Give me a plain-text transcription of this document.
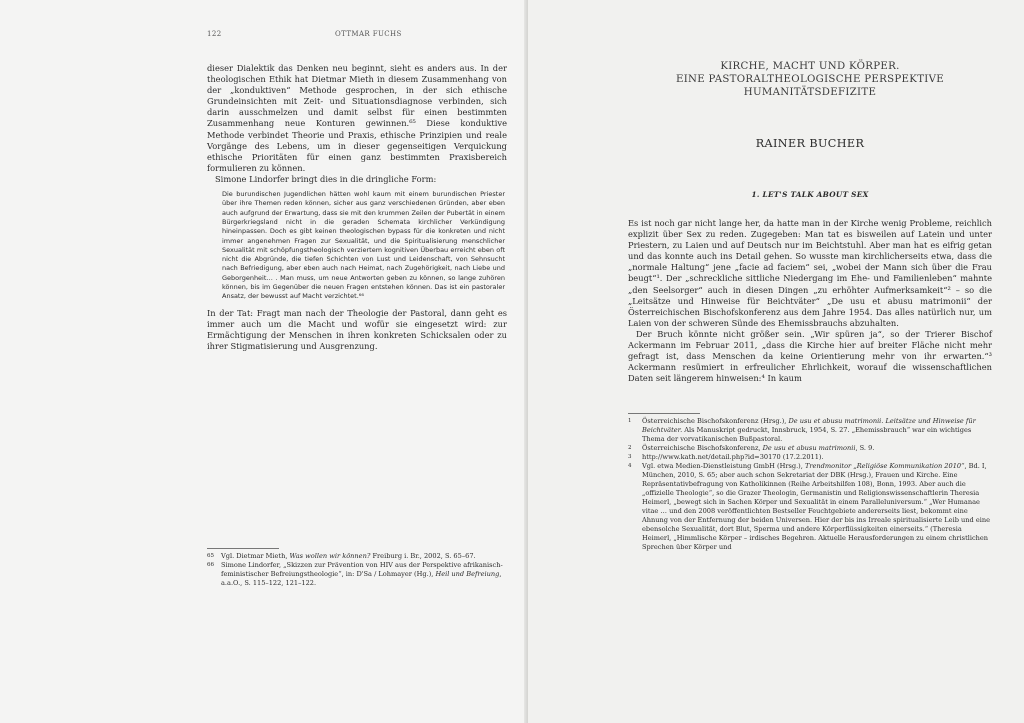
122	OTTMAR FUCHS

dieser Dialektik das Denken neu beginnt, sieht es anders aus. In der theologischen Ethik hat Dietmar Mieth in diesem Zusammenhang von der „konduktiven“ Methode gesprochen, in der sich ethische Grundeinsichten mit Zeit- und Situationsdiagnose verbinden, sich darin ausschmelzen und damit selbst für einen bestimmten Zusammenhang neue Konturen gewinnen.⁶⁵ Diese konduktive Methode verbindet Theorie und Praxis, ethische Prinzipien und reale Vorgänge des Lebens, um in dieser gegenseitigen Verquickung ethische Prioritäten für einen ganz bestimmten Praxisbereich formulieren zu können.

Simone Lindorfer bringt dies in die dringliche Form:

Die burundischen Jugendlichen hätten wohl kaum mit einem burundischen Priester über ihre Themen reden können, sicher aus ganz verschiedenen Gründen, aber eben auch aufgrund der Erwartung, dass sie mit den krummen Zeilen der Pubertät in einem Bürgerkriegsland nicht in die geraden Schemata kirchlicher Verkündigung hineinpassen. Doch es gibt keinen theologischen bypass für die konkreten und nicht immer angenehmen Fragen zur Sexualität, und die Spiritualisierung menschlicher Sexualität mit schöpfungstheologisch verziertem kognitiven Überbau erreicht eben oft nicht die Abgründe, die tiefen Schichten von Lust und Leidenschaft, von Sehnsucht nach Befriedigung, aber eben auch nach Heimat, nach Zugehörigkeit, nach Liebe und Geborgenheit… . Man muss, um neue Antworten geben zu können, so lange zuhören können, bis im Gegenüber die neuen Fragen entstehen können. Das ist ein pastoraler Ansatz, der bewusst auf Macht verzichtet.⁶⁶

In der Tat: Fragt man nach der Theologie der Pastoral, dann geht es immer auch um die Macht und wofür sie eingesetzt wird: zur Ermächtigung der Menschen in ihren konkreten Schicksalen oder zu ihrer Stigmatisierung und Ausgrenzung.

65 Vgl. Dietmar Mieth, Was wollen wir können? Freiburg i. Br., 2002, S. 65–67.

66 Simone Lindorfer, „Skizzen zur Prävention von HIV aus der Perspektive afrikanisch-feministischer Befreiungstheologie“, in: D'Sa / Lohmayer (Hg.), Heil und Befreiung, a.a.O., S. 115–122, 121–122.

KIRCHE, MACHT UND KÖRPER.
EINE PASTORALTHEOLOGISCHE PERSPEKTIVE
HUMANITÄTSDEFIZITE
RAINER BUCHER
1. LET'S TALK ABOUT SEX

Es ist noch gar nicht lange her, da hatte man in der Kirche wenig Probleme, reichlich explizit über Sex zu reden. Zugegeben: Man tat es bisweilen auf Latein und unter Priestern, zu Laien und auf Deutsch nur im Beichtstuhl. Aber man hat es eifrig getan und das konnte auch ins Detail gehen. So wusste man kirchlicherseits etwa, dass die „normale Haltung“ jene „facie ad faciem“ sei, „wobei der Mann sich über die Frau beugt“¹. Der „schreckliche sittliche Niedergang im Ehe- und Familienleben“ mahnte „den Seelsorger“ auch in diesen Dingen „zu erhöhter Aufmerksamkeit“² – so die „Leitsätze und Hinweise für Beichtväter“ „De usu et abusu matrimonii“ der Österreichischen Bischofskonferenz aus dem Jahre 1954. Das alles natürlich nur, um Laien von der schweren Sünde des Ehemissbrauchs abzuhalten.

Der Bruch könnte nicht größer sein. „Wir spüren ja“, so der Trierer Bischof Ackermann im Februar 2011, „dass die Kirche hier auf breiter Fläche nicht mehr gefragt ist, dass Menschen da keine Orientierung mehr von ihr erwarten.“³ Ackermann resümiert in erfreulicher Ehrlichkeit, worauf die wissenschaftlichen Daten seit längerem hinweisen:⁴ In kaum

1 Österreichische Bischofskonferenz (Hrsg.), De usu et abusu matrimonii. Leitsätze und Hinweise für Beichtväter. Als Manuskript gedruckt, Innsbruck, 1954, S. 27. „Ehemissbrauch“ war ein wichtiges Thema der vorvatikanischen Bußpastoral.

2 Österreichische Bischofskonferenz, De usu et abusu matrimonii, S. 9.

3 http://www.kath.net/detail.php?id=30170 (17.2.2011).

4 Vgl. etwa Medien-Dienstleistung GmbH (Hrsg.), Trendmonitor „Religiöse Kommunikation 2010“, Bd. I, München, 2010, S. 65; aber auch schon Sekretariat der DBK (Hrsg.), Frauen und Kirche. Eine Repräsentativbefragung von Katholikinnen (Reihe Arbeitshilfen 108), Bonn, 1993. Aber auch die „offizielle Theologie“, so die Grazer Theologin, Germanistin und Religionswissenschaftlerin Theresia Heimerl, „bewegt sich in Sachen Körper und Sexualität in einem Paralleluniversum.“ „Wer Humanae vitae … und den 2008 veröffentlichten Bestseller Feuchtgebiete andererseits liest, bekommt eine Ahnung von der Entfernung der beiden Universen. Hier der bis ins Irreale spiritualisierte Leib und eine ebensolche Sexualität, dort Blut, Sperma und andere Körperflüssigkeiten einerseits.“ (Theresia Heimerl, „Himmlische Körper – irdisches Begehren. Aktuelle Herausforderungen zu einem christlichen Sprechen über Körper und
